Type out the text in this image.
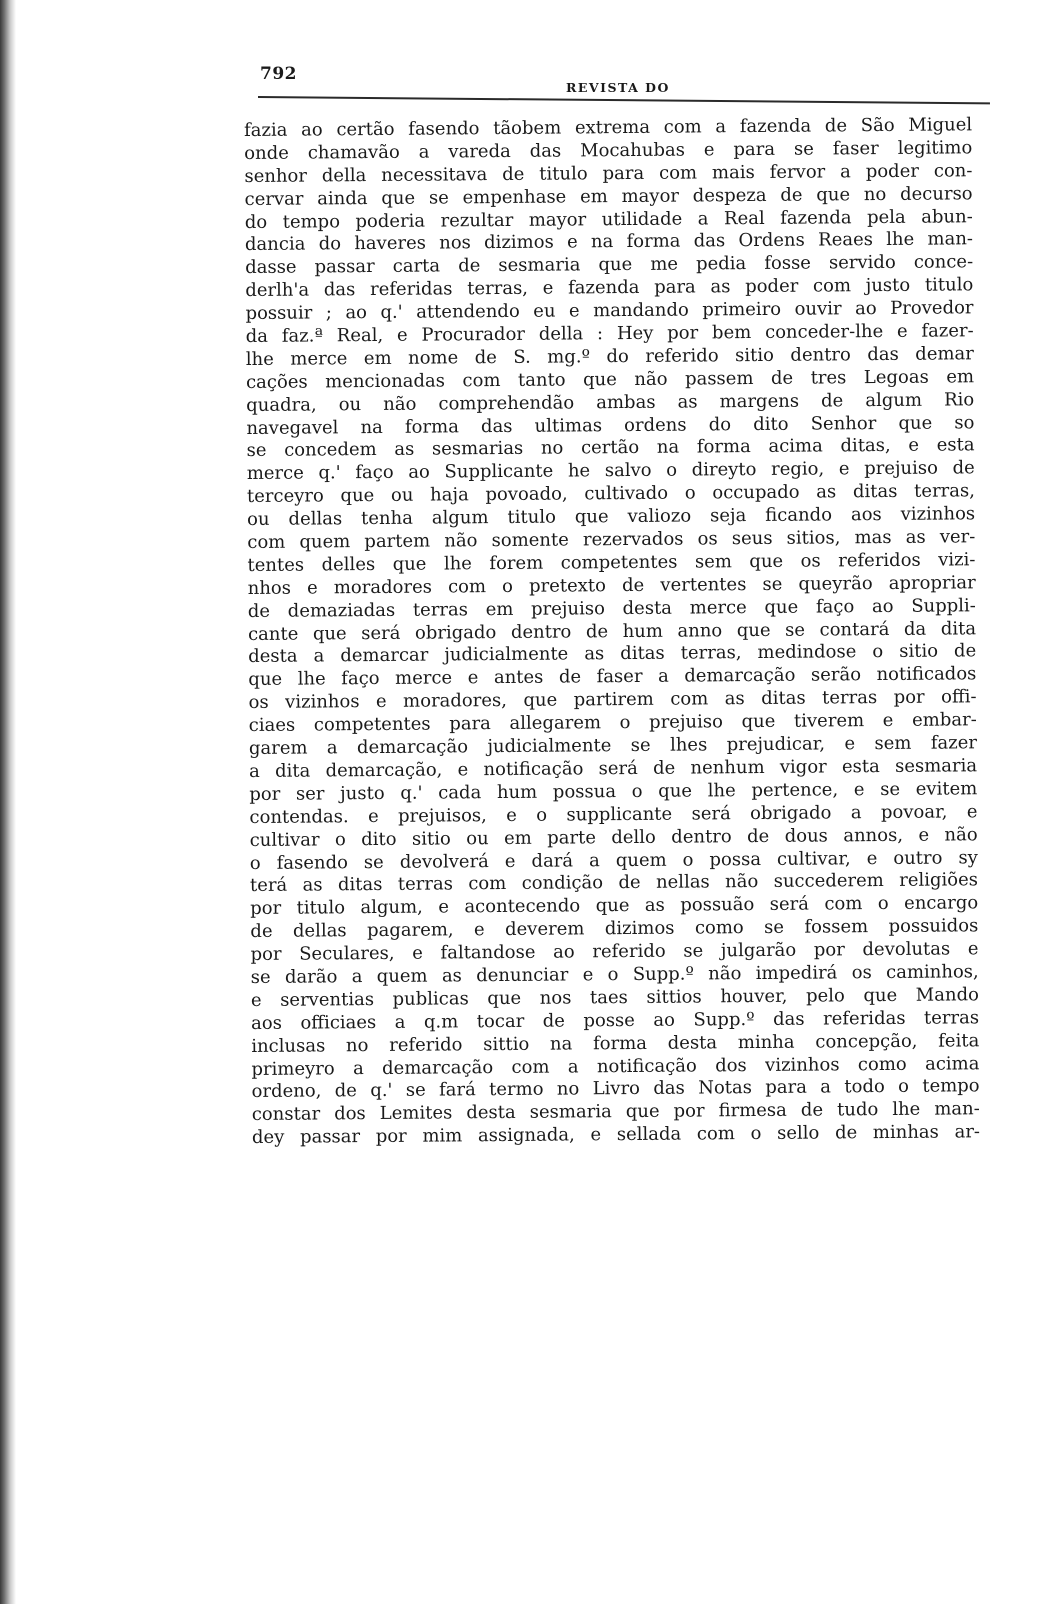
792
REVISTA DO
fazia ao certão fasendo tãobem extrema com a fazenda de São Miguel
onde chamavão a vareda das Mocahubas e para se faser legitimo
senhor della necessitava de titulo para com mais fervor a poder con-
cervar ainda que se empenhase em mayor despeza de que no decurso
do tempo poderia rezultar mayor utilidade a Real fazenda pela abun-
dancia do haveres nos dizimos e na forma das Ordens Reaes lhe man-
dasse passar carta de sesmaria que me pedia fosse servido conce-
derlh'a das referidas terras, e fazenda para as poder com justo titulo
possuir ; ao q.' attendendo eu e mandando primeiro ouvir ao Provedor
da faz.ª Real, e Procurador della : Hey por bem conceder-lhe e fazer-
lhe merce em nome de S. mg.º do referido sitio dentro das demar
cações mencionadas com tanto que não passem de tres Legoas em
quadra, ou não comprehendão ambas as margens de algum Rio
navegavel na forma das ultimas ordens do dito Senhor que so
se concedem as sesmarias no certão na forma acima ditas, e esta
merce q.' faço ao Supplicante he salvo o direyto regio, e prejuiso de
terceyro que ou haja povoado, cultivado o occupado as ditas terras,
ou dellas tenha algum titulo que valiozo seja ficando aos vizinhos
com quem partem não somente rezervados os seus sitios, mas as ver-
tentes delles que lhe forem competentes sem que os referidos vizi-
nhos e moradores com o pretexto de vertentes se queyrão apropriar
de demaziadas terras em prejuiso desta merce que faço ao Suppli-
cante que será obrigado dentro de hum anno que se contará da dita
desta a demarcar judicialmente as ditas terras, medindose o sitio de
que lhe faço merce e antes de faser a demarcação serão notificados
os vizinhos e moradores, que partirem com as ditas terras por offi-
ciaes competentes para allegarem o prejuiso que tiverem e embar-
garem a demarcação judicialmente se lhes prejudicar, e sem fazer
a dita demarcação, e notificação será de nenhum vigor esta sesmaria
por ser justo q.' cada hum possua o que lhe pertence, e se evitem
contendas. e prejuisos, e o supplicante será obrigado a povoar, e
cultivar o dito sitio ou em parte dello dentro de dous annos, e não
o fasendo se devolverá e dará a quem o possa cultivar, e outro sy
terá as ditas terras com condição de nellas não succederem religiões
por titulo algum, e acontecendo que as possuão será com o encargo
de dellas pagarem, e deverem dizimos como se fossem possuidos
por Seculares, e faltandose ao referido se julgarão por devolutas e
se darão a quem as denunciar e o Supp.º não impedirá os caminhos,
e serventias publicas que nos taes sittios houver, pelo que Mando
aos officiaes a q.m tocar de posse ao Supp.º das referidas terras
inclusas no referido sittio na forma desta minha concepção, feita
primeyro a demarcação com a notificação dos vizinhos como acima
ordeno, de q.' se fará termo no Livro das Notas para a todo o tempo
constar dos Lemites desta sesmaria que por firmesa de tudo lhe man-
dey passar por mim assignada, e sellada com o sello de minhas ar-
